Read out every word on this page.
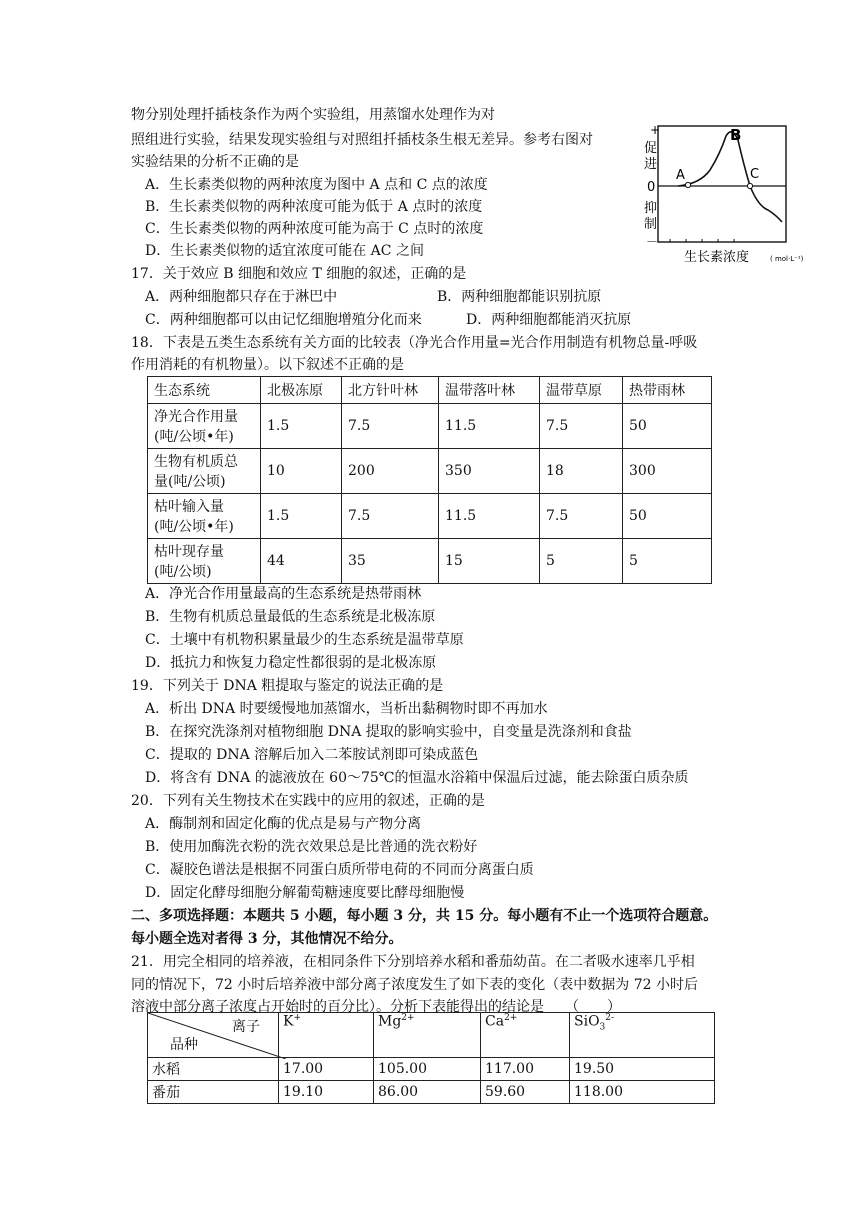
物分别处理扦插枝条作为两个实验组，用蒸馏水处理作为对
照组进行实验，结果发现实验组与对照组扦插枝条生根无差异。参考右图对
实验结果的分析不正确的是
A．生长素类似物的两种浓度为图中 A 点和 C 点的浓度
B．生长素类似物的两种浓度可能为低于 A 点时的浓度
C．生长素类似物的两种浓度可能为高于 C 点时的浓度
D．生长素类似物的适宜浓度可能在 AC 之间
+
促
进
0
抑
制
－
A
B
C
生长素浓度	( mol·L⁻¹)
17．关于效应 B 细胞和效应 T 细胞的叙述，正确的是
A．两种细胞都只存在于淋巴中	B．两种细胞都能识别抗原
C．两种细胞都可以由记忆细胞增殖分化而来	D．两种细胞都能消灭抗原
18．下表是五类生态系统有关方面的比较表（净光合作用量=光合作用制造有机物总量-呼吸
作用消耗的有机物量）。以下叙述不正确的是
生态系统	北极冻原	北方针叶林	温带落叶林	温带草原	热带雨林

净光合作用量
(吨/公顷•年)	1.5	7.5	11.5	7.5	50

生物有机质总
量(吨/公顷)	10	200	350	18	300

枯叶输入量
(吨/公顷•年)	1.5	7.5	11.5	7.5	50

枯叶现存量
(吨/公顷)	44	35	15	5	5
A．净光合作用量最高的生态系统是热带雨林
B．生物有机质总量最低的生态系统是北极冻原
C．土壤中有机物积累量最少的生态系统是温带草原
D．抵抗力和恢复力稳定性都很弱的是北极冻原
19．下列关于 DNA 粗提取与鉴定的说法正确的是
A．析出 DNA 时要缓慢地加蒸馏水，当析出黏稠物时即不再加水
B．在探究洗涤剂对植物细胞 DNA 提取的影响实验中，自变量是洗涤剂和食盐
C．提取的 DNA 溶解后加入二苯胺试剂即可染成蓝色
D．将含有 DNA 的滤液放在 60～75℃的恒温水浴箱中保温后过滤，能去除蛋白质杂质
20．下列有关生物技术在实践中的应用的叙述，正确的是
A．酶制剂和固定化酶的优点是易与产物分离
B．使用加酶洗衣粉的洗衣效果总是比普通的洗衣粉好
C．凝胶色谱法是根据不同蛋白质所带电荷的不同而分离蛋白质
D．固定化酵母细胞分解葡萄糖速度要比酵母细胞慢
二、多项选择题：本题共 5 小题，每小题 3 分，共 15 分。每小题有不止一个选项符合题意。
每小题全选对者得 3 分，其他情况不给分。
21．用完全相同的培养液，在相同条件下分别培养水稻和番茄幼苗。在二者吸水速率几乎相
同的情况下，72 小时后培养液中部分离子浓度发生了如下表的变化（表中数据为 72 小时后
溶液中部分离子浓度占开始时的百分比）。分析下表能得出的结论是　　（　　）
离子
品种	K+	$Mg^{2+}$	$Ca^{2+}$	SiO$_3^{2-}$
水稻	17.00	105.00	117.00	19.50
番茄	19.10	86.00	59.60	118.00
